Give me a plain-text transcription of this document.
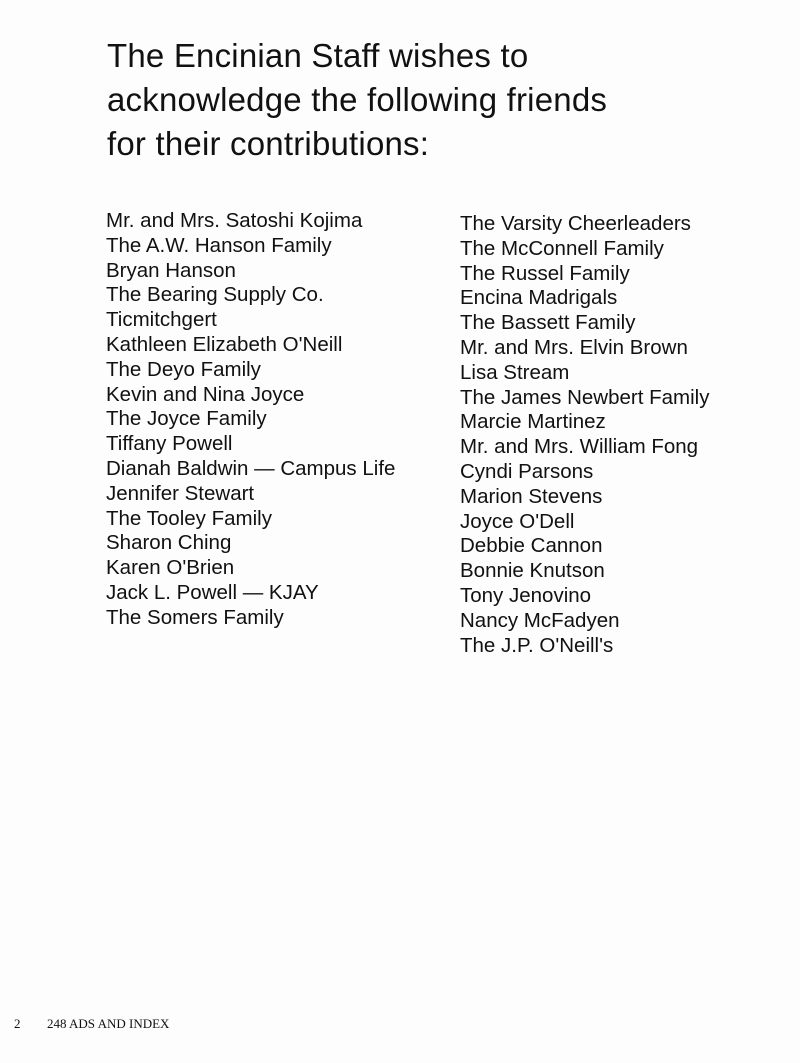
The Encinian Staff wishes to
acknowledge the following friends
for their contributions:
Mr. and Mrs. Satoshi Kojima
The A.W. Hanson Family
Bryan Hanson
The Bearing Supply Co.
Ticmitchgert
Kathleen Elizabeth O'Neill
The Deyo Family
Kevin and Nina Joyce
The Joyce Family
Tiffany Powell
Dianah Baldwin — Campus Life
Jennifer Stewart
The Tooley Family
Sharon Ching
Karen O'Brien
Jack L. Powell — KJAY
The Somers Family
The Varsity Cheerleaders
The McConnell Family
The Russel Family
Encina Madrigals
The Bassett Family
Mr. and Mrs. Elvin Brown
Lisa Stream
The James Newbert Family
Marcie Martinez
Mr. and Mrs. William Fong
Cyndi Parsons
Marion Stevens
Joyce O'Dell
Debbie Cannon
Bonnie Knutson
Tony Jenovino
Nancy McFadyen
The J.P. O'Neill's
2 248 ADS AND INDEX
